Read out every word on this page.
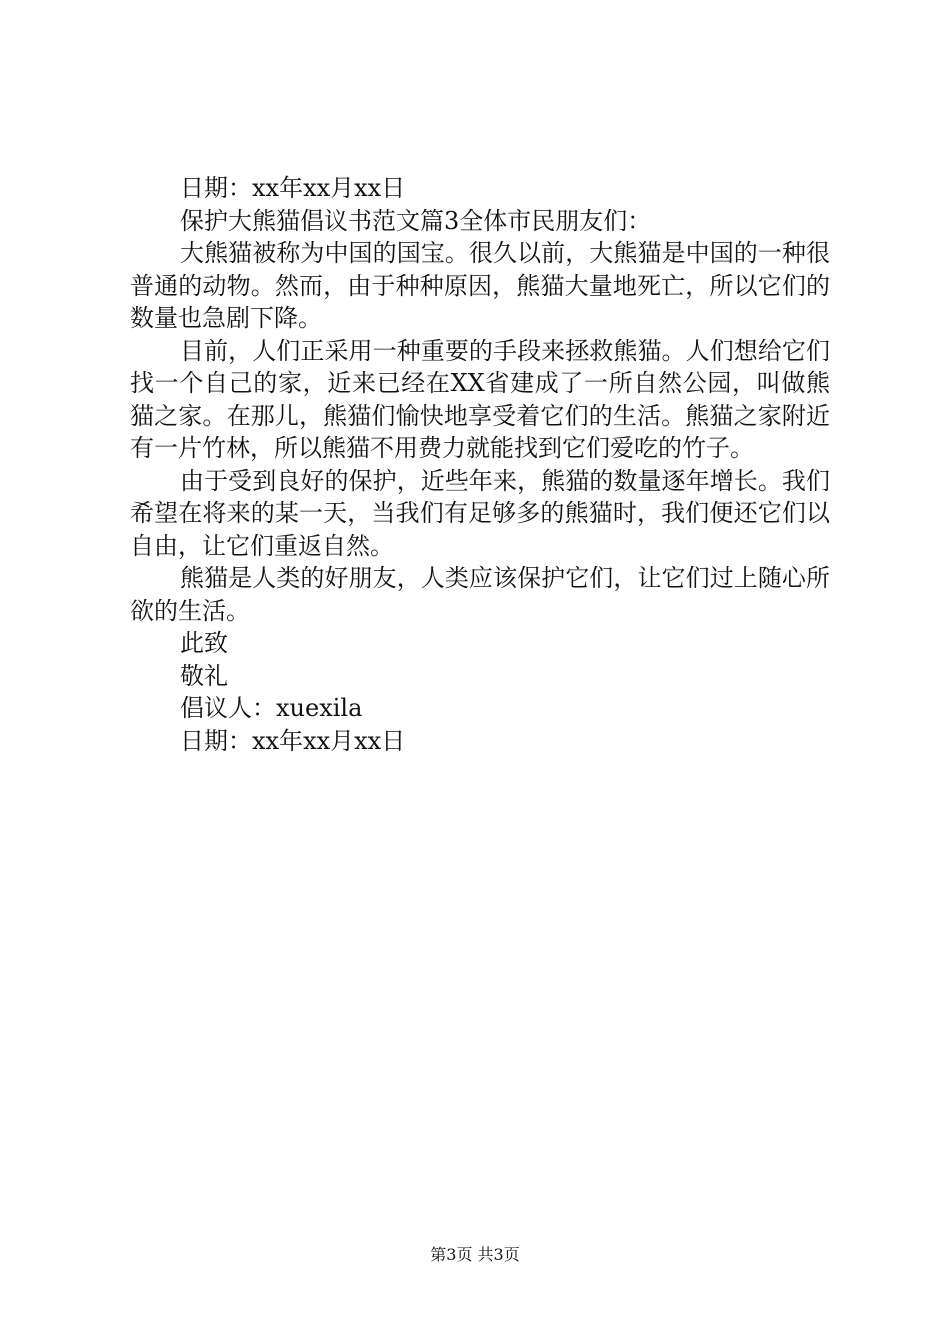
日期：xx年xx月xx日

保护大熊猫倡议书范文篇3全体市民朋友们：

大熊猫被称为中国的国宝。很久以前，大熊猫是中国的一种很普通的动物。然而，由于种种原因，熊猫大量地死亡，所以它们的数量也急剧下降。

目前，人们正采用一种重要的手段来拯救熊猫。人们想给它们找一个自己的家，近来已经在XX省建成了一所自然公园，叫做熊猫之家。在那儿，熊猫们愉快地享受着它们的生活。熊猫之家附近有一片竹林，所以熊猫不用费力就能找到它们爱吃的竹子。

由于受到良好的保护，近些年来，熊猫的数量逐年增长。我们希望在将来的某一天，当我们有足够多的熊猫时，我们便还它们以自由，让它们重返自然。

熊猫是人类的好朋友，人类应该保护它们，让它们过上随心所欲的生活。

此致

敬礼

倡议人：xuexila

日期：xx年xx月xx日

第3页 共3页
